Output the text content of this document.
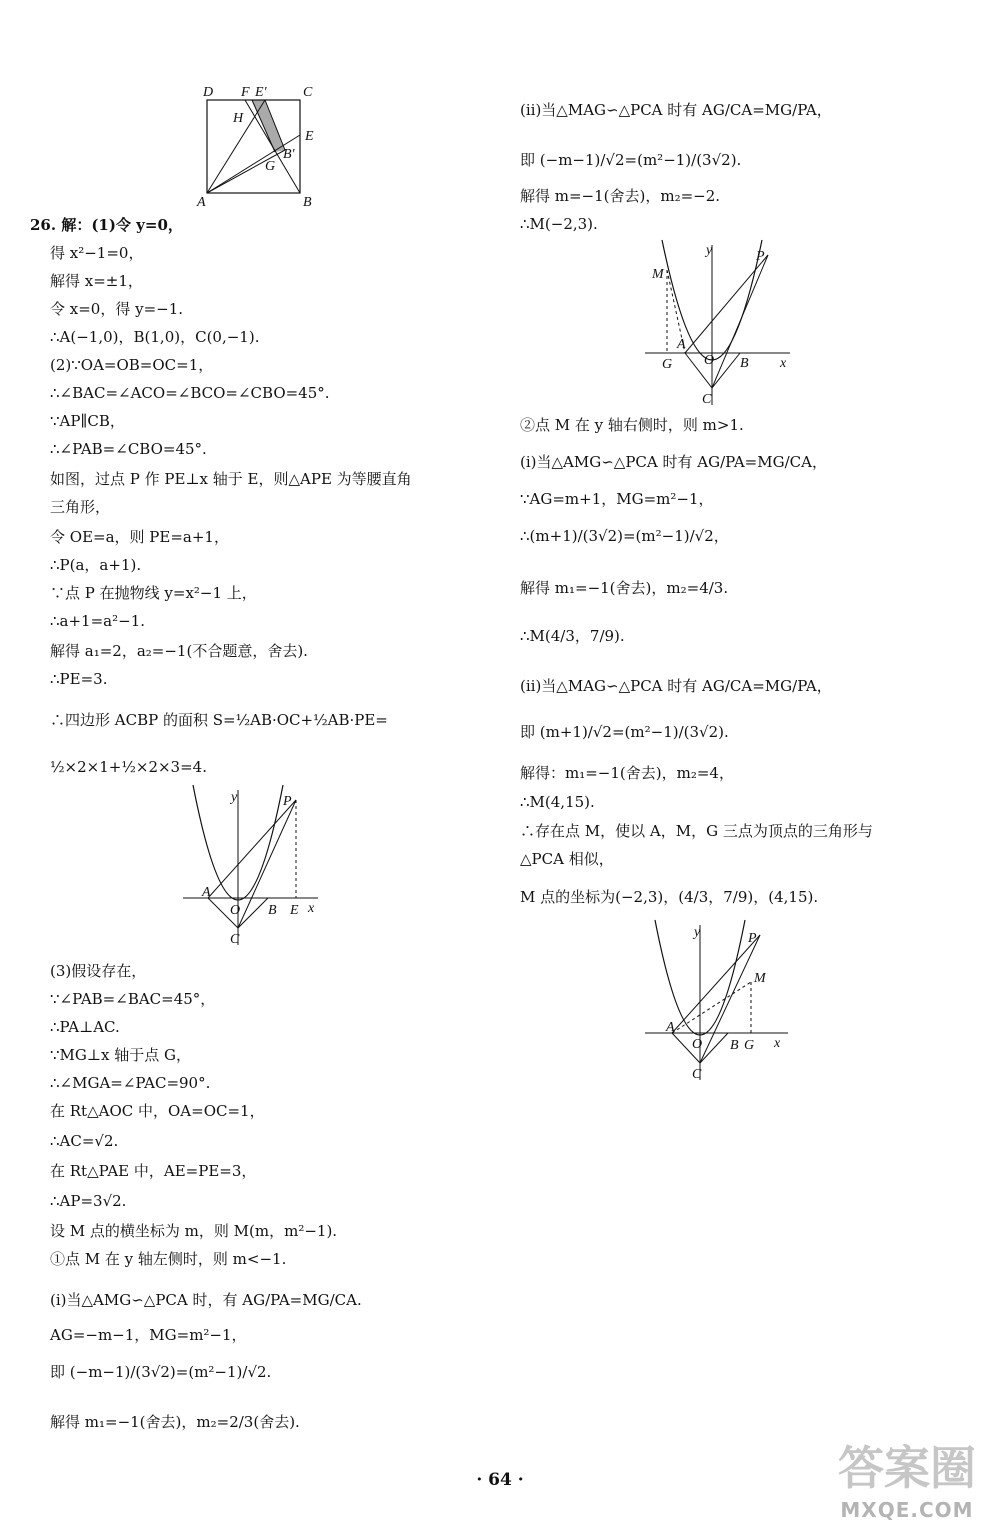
D F E′	C
H
E
B′
G
A	B
26. 解：(1)令 y=0，
得 x²−1=0，
解得 x=±1，
令 x=0，得 y=−1.
∴A(−1,0)，B(1,0)，C(0,−1).
(2)∵OA=OB=OC=1，
∴∠BAC=∠ACO=∠BCO=∠CBO=45°.
∵AP∥CB，
∴∠PAB=∠CBO=45°.
如图，过点 P 作 PE⊥x 轴于 E，则△APE 为等腰直角
三角形，
令 OE=a，则 PE=a+1，
∴P(a，a+1).
∵点 P 在抛物线 y=x²−1 上，
∴a+1=a²−1.
解得 a₁=2，a₂=−1(不合题意，舍去).
∴PE=3.
∴四边形 ACBP 的面积 S=½AB·OC+½AB·PE=
½×2×1+½×2×3=4.
y	P
A
O B E x
C
(3)假设存在，
∵∠PAB=∠BAC=45°，
∴PA⊥AC.
∵MG⊥x 轴于点 G，
∴∠MGA=∠PAC=90°.
在 Rt△AOC 中，OA=OC=1，
∴AC=√2.
在 Rt△PAE 中，AE=PE=3，
∴AP=3√2.
设 M 点的横坐标为 m，则 M(m，m²−1).
①点 M 在 y 轴左侧时，则 m<−1.
(ⅰ)当△AMG∽△PCA 时，有 AG/PA=MG/CA.
AG=−m−1，MG=m²−1，
即 (−m−1)/(3√2)=(m²−1)/√2.
解得 m₁=−1(舍去)，m₂=2/3(舍去).
(ⅱ)当△MAG∽△PCA 时有 AG/CA=MG/PA，
即 (−m−1)/√2=(m²−1)/(3√2).
解得 m=−1(舍去)，m₂=−2.
∴M(−2,3).
y	P
M
A
G O B x
C
②点 M 在 y 轴右侧时，则 m>1.
(ⅰ)当△AMG∽△PCA 时有 AG/PA=MG/CA，
∵AG=m+1，MG=m²−1，
∴(m+1)/(3√2)=(m²−1)/√2，
解得 m₁=−1(舍去)，m₂=4/3.
∴M(4/3，7/9).
(ⅱ)当△MAG∽△PCA 时有 AG/CA=MG/PA，
即 (m+1)/√2=(m²−1)/(3√2).
解得：m₁=−1(舍去)，m₂=4，
∴M(4,15).
∴存在点 M，使以 A，M，G 三点为顶点的三角形与
△PCA 相似，
M 点的坐标为(−2,3)，(4/3，7/9)，(4,15).
y	P
M
A
O B G x
C
· 64 ·	答案圈
MXQE.COM
